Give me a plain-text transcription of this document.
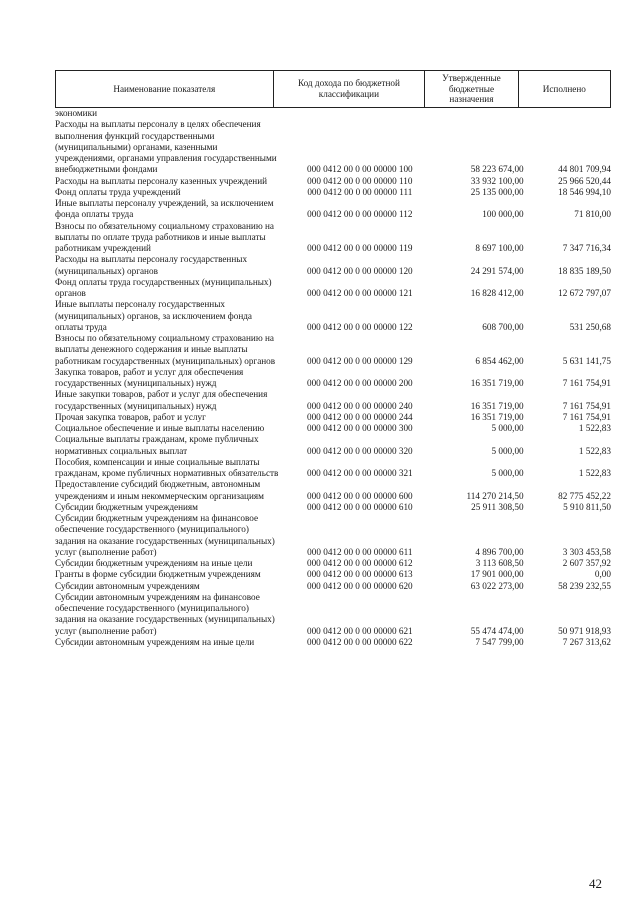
Наименование показателя	Код дохода по бюджетной классификации	Утвержденные бюджетные назначения	Исполнено
экономики
Расходы на выплаты персоналу в целях обеспечения выполнения функций государственными (муниципальными) органами, казенными учреждениями, органами управления государственными внебюджетными фондами	000 0412 00 0 00 00000 100	58 223 674,00	44 801 709,94
Расходы на выплаты персоналу казенных учреждений	000 0412 00 0 00 00000 110	33 932 100,00	25 966 520,44
Фонд оплаты труда учреждений	000 0412 00 0 00 00000 111	25 135 000,00	18 546 994,10
Иные выплаты персоналу учреждений, за исключением фонда оплаты труда	000 0412 00 0 00 00000 112	100 000,00	71 810,00
Взносы по обязательному социальному страхованию на выплаты по оплате труда работников и иные выплаты работникам учреждений	000 0412 00 0 00 00000 119	8 697 100,00	7 347 716,34
Расходы на выплаты персоналу государственных (муниципальных) органов	000 0412 00 0 00 00000 120	24 291 574,00	18 835 189,50
Фонд оплаты труда государственных (муниципальных) органов	000 0412 00 0 00 00000 121	16 828 412,00	12 672 797,07
Иные выплаты персоналу государственных (муниципальных) органов, за исключением фонда оплаты труда	000 0412 00 0 00 00000 122	608 700,00	531 250,68
Взносы по обязательному социальному страхованию на выплаты денежного содержания и иные выплаты работникам государственных (муниципальных) органов	000 0412 00 0 00 00000 129	6 854 462,00	5 631 141,75
Закупка товаров, работ и услуг для обеспечения государственных (муниципальных) нужд	000 0412 00 0 00 00000 200	16 351 719,00	7 161 754,91
Иные закупки товаров, работ и услуг для обеспечения государственных (муниципальных) нужд	000 0412 00 0 00 00000 240	16 351 719,00	7 161 754,91
Прочая закупка товаров, работ и услуг	000 0412 00 0 00 00000 244	16 351 719,00	7 161 754,91
Социальное обеспечение и иные выплаты населению	000 0412 00 0 00 00000 300	5 000,00	1 522,83
Социальные выплаты гражданам, кроме публичных нормативных социальных выплат	000 0412 00 0 00 00000 320	5 000,00	1 522,83
Пособия, компенсации и иные социальные выплаты гражданам, кроме публичных нормативных обязательств	000 0412 00 0 00 00000 321	5 000,00	1 522,83
Предоставление субсидий бюджетным, автономным учреждениям и иным некоммерческим организациям	000 0412 00 0 00 00000 600	114 270 214,50	82 775 452,22
Субсидии бюджетным учреждениям	000 0412 00 0 00 00000 610	25 911 308,50	5 910 811,50
Субсидии бюджетным учреждениям на финансовое обеспечение государственного (муниципального) задания на оказание государственных (муниципальных) услуг (выполнение работ)	000 0412 00 0 00 00000 611	4 896 700,00	3 303 453,58
Субсидии бюджетным учреждениям на иные цели	000 0412 00 0 00 00000 612	3 113 608,50	2 607 357,92
Гранты в форме субсидии бюджетным учреждениям	000 0412 00 0 00 00000 613	17 901 000,00	0,00
Субсидии автономным учреждениям	000 0412 00 0 00 00000 620	63 022 273,00	58 239 232,55
Субсидии автономным учреждениям на финансовое обеспечение государственного (муниципального) задания на оказание государственных (муниципальных) услуг (выполнение работ)	000 0412 00 0 00 00000 621	55 474 474,00	50 971 918,93
Субсидии автономным учреждениям на иные цели	000 0412 00 0 00 00000 622	7 547 799,00	7 267 313,62
42
